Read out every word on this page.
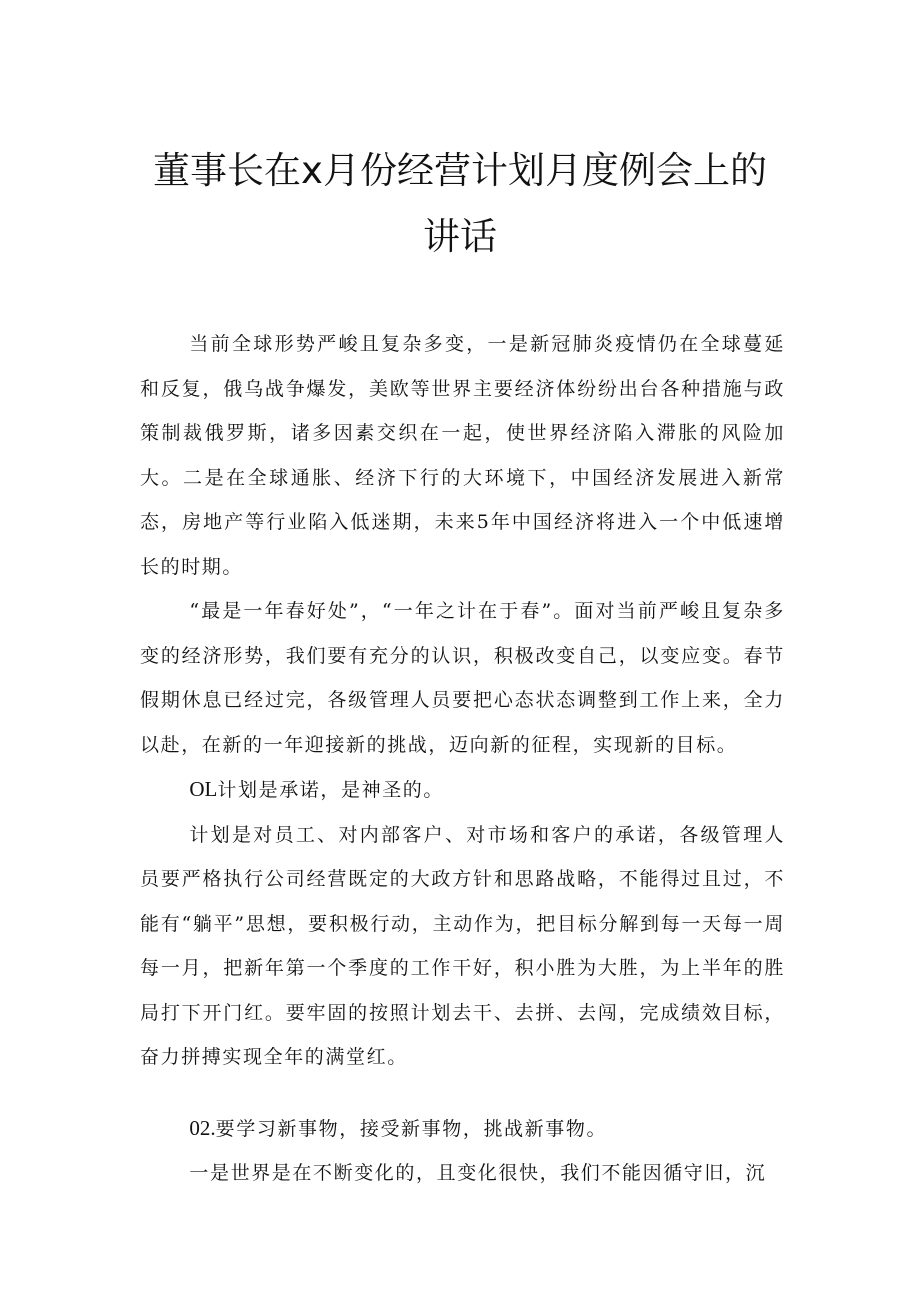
董事长在x月份经营计划月度例会上的讲话

当前全球形势严峻且复杂多变，一是新冠肺炎疫情仍在全球蔓延和反复，俄乌战争爆发，美欧等世界主要经济体纷纷出台各种措施与政策制裁俄罗斯，诸多因素交织在一起，使世界经济陷入滞胀的风险加大。二是在全球通胀、经济下行的大环境下，中国经济发展进入新常态，房地产等行业陷入低迷期，未来5年中国经济将进入一个中低速增长的时期。

“最是一年春好处”，“一年之计在于春”。面对当前严峻且复杂多变的经济形势，我们要有充分的认识，积极改变自己，以变应变。春节假期休息已经过完，各级管理人员要把心态状态调整到工作上来，全力以赴，在新的一年迎接新的挑战，迈向新的征程，实现新的目标。

OL计划是承诺，是神圣的。

计划是对员工、对内部客户、对市场和客户的承诺，各级管理人员要严格执行公司经营既定的大政方针和思路战略，不能得过且过，不能有“躺平”思想，要积极行动，主动作为，把目标分解到每一天每一周每一月，把新年第一个季度的工作干好，积小胜为大胜，为上半年的胜局打下开门红。要牢固的按照计划去干、去拼、去闯，完成绩效目标，奋力拼搏实现全年的满堂红。

02.要学习新事物，接受新事物，挑战新事物。

一是世界是在不断变化的，且变化很快，我们不能因循守旧，沉
